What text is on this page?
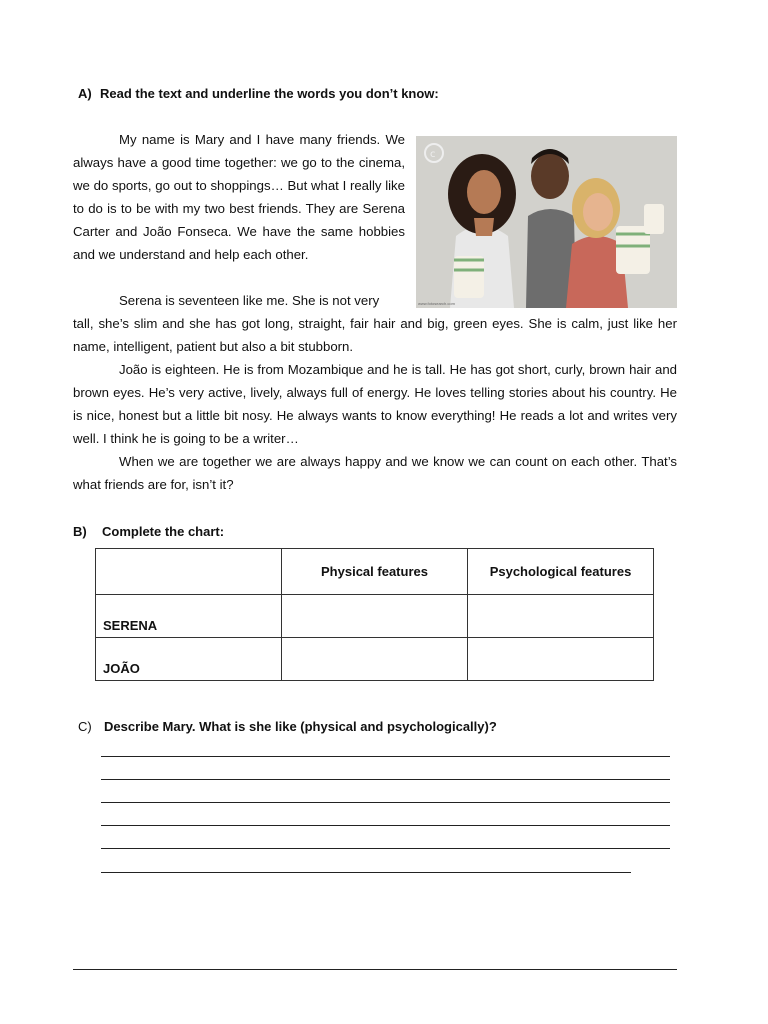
A) Read the text and underline the words you don’t know:

My name is Mary and I have many friends. We always have a good time together: we go to the cinema, we do sports, go out to shoppings… But what I really like to do is to be with my two best friends. They are Serena Carter and João Fonseca. We have the same hobbies and we understand and help each other.

c
www.fotosearch.com
Serena is seventeen like me. She is not very
tall, she’s slim and she has got long, straight, fair hair and big, green eyes. She is calm, just like her name, intelligent, patient but also a bit stubborn.
João is eighteen. He is from Mozambique and he is tall. He has got short, curly, brown hair and brown eyes. He’s very active, lively, always full of energy. He loves telling stories about his country. He is nice, honest but a little bit nosy. He always wants to know everything! He reads a lot and writes very well. I think he is going to be a writer…
When we are together we are always happy and we know we can count on each other. That’s what friends are for, isn’t it?
B) Complete the chart:
	Physical features	Psychological features
SERENA		
JOÃO		
C) Describe Mary. What is she like (physical and psychologically)?
